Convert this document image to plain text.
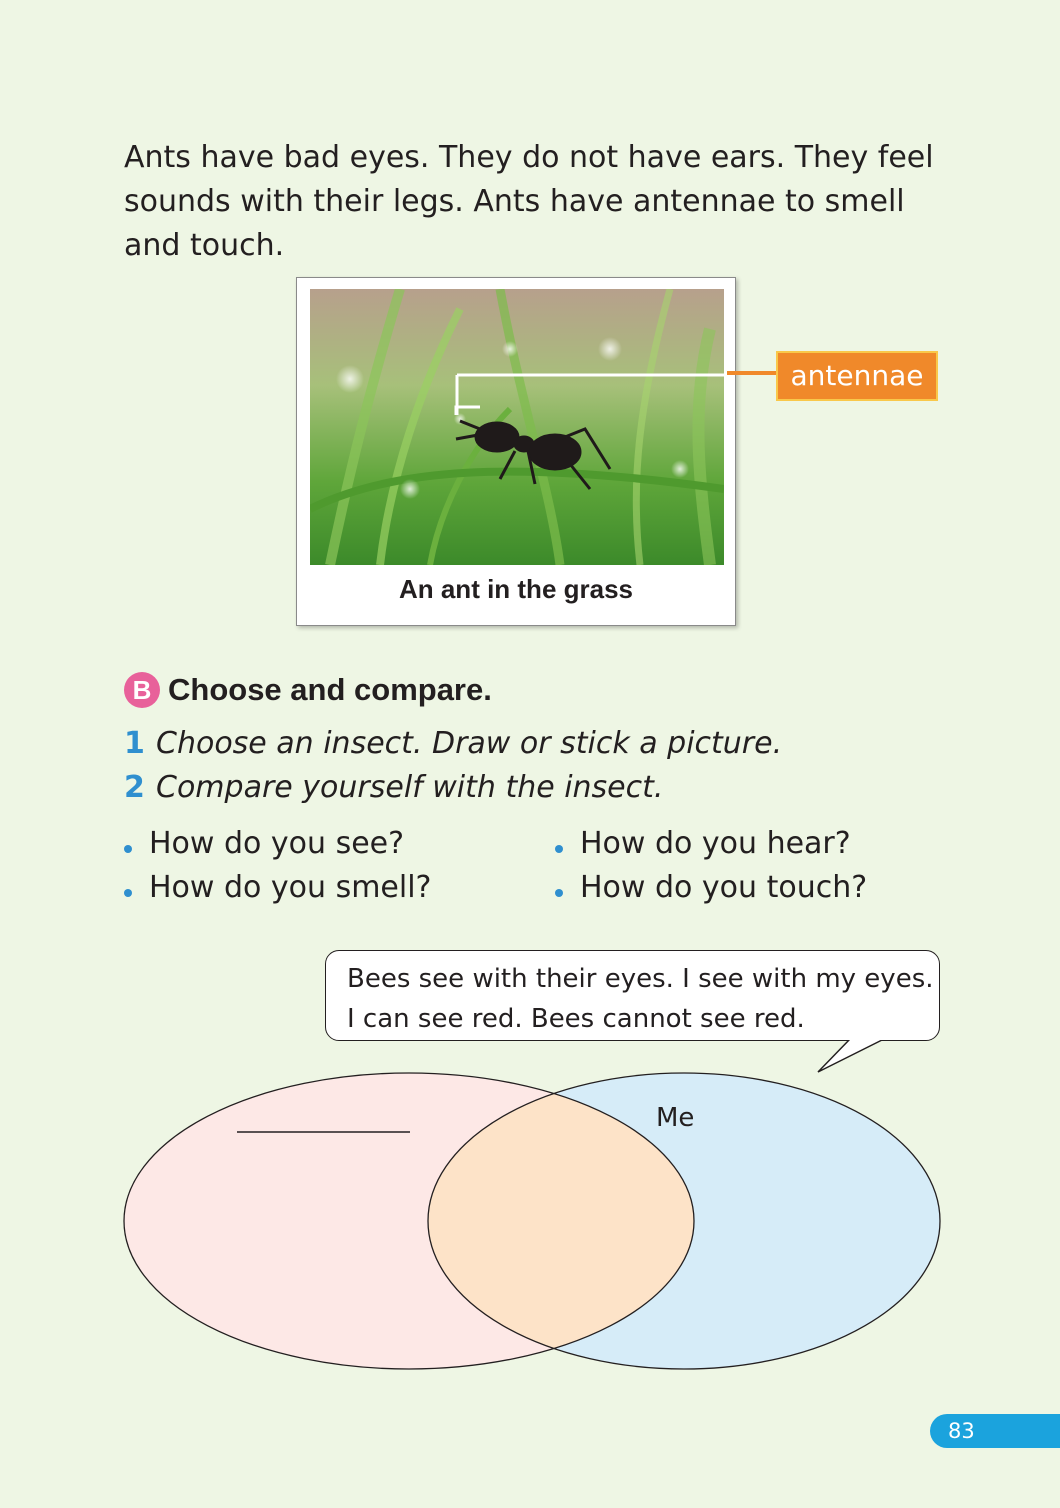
Ants have bad eyes. They do not have ears. They feel sounds with their legs. Ants have antennae to smell and touch.

An ant in the grass
antennae
B Choose and compare.
1 Choose an insect. Draw or stick a picture.
2 Compare yourself with the insect.
How do you see?	How do you hear?
How do you smell?	How do you touch?
Bees see with their eyes. I see with my eyes.
I can see red. Bees cannot see red.
Me
83
